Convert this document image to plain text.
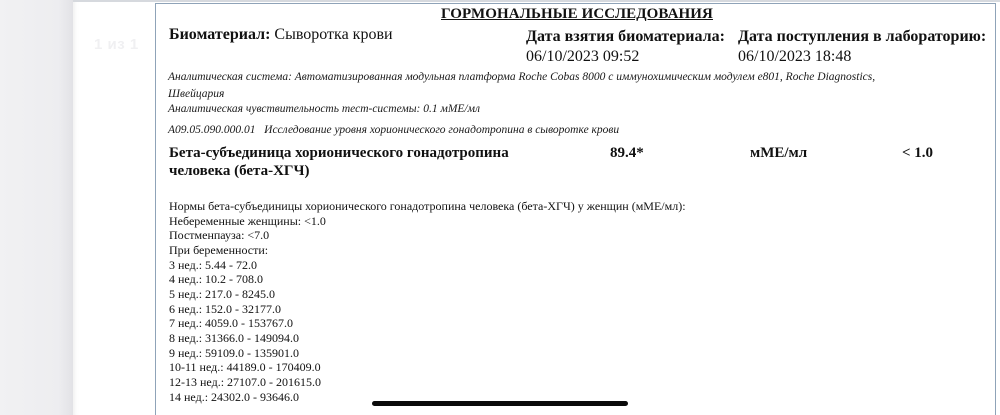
1 из 1
ГОРМОНАЛЬНЫЕ ИССЛЕДОВАНИЯ
Биоматериал: Сыворотка крови	Дата взятия биоматериала:
06/10/2023 09:52
Дата поступления в лабораторию:
06/10/2023 18:48
Аналитическая система: Автоматизированная модульная платформа Roche Cobas 8000 с иммунохимическим модулем e801, Roche Diagnostics,
Швейцария
Аналитическая чувствительность тест-системы: 0.1 мМЕ/мл
A09.05.090.000.01   Исследование уровня хорионического гонадотропина в сыворотке крови
Бета-субъединица хорионического гонадотропина
человека (бета-ХГЧ)
89.4*	мМЕ/мл	< 1.0
Нормы бета-субъединицы хорионического гонадотропина человека (бета-ХГЧ) у женщин (мМЕ/мл):
Небеременные женщины: <1.0
Постменпауза: <7.0
При беременности:
3 нед.: 5.44 - 72.0
4 нед.: 10.2 - 708.0
5 нед.: 217.0 - 8245.0
6 нед.: 152.0 - 32177.0
7 нед.: 4059.0 - 153767.0
8 нед.: 31366.0 - 149094.0
9 нед.: 59109.0 - 135901.0
10-11 нед.: 44189.0 - 170409.0
12-13 нед.: 27107.0 - 201615.0
14 нед.: 24302.0 - 93646.0
